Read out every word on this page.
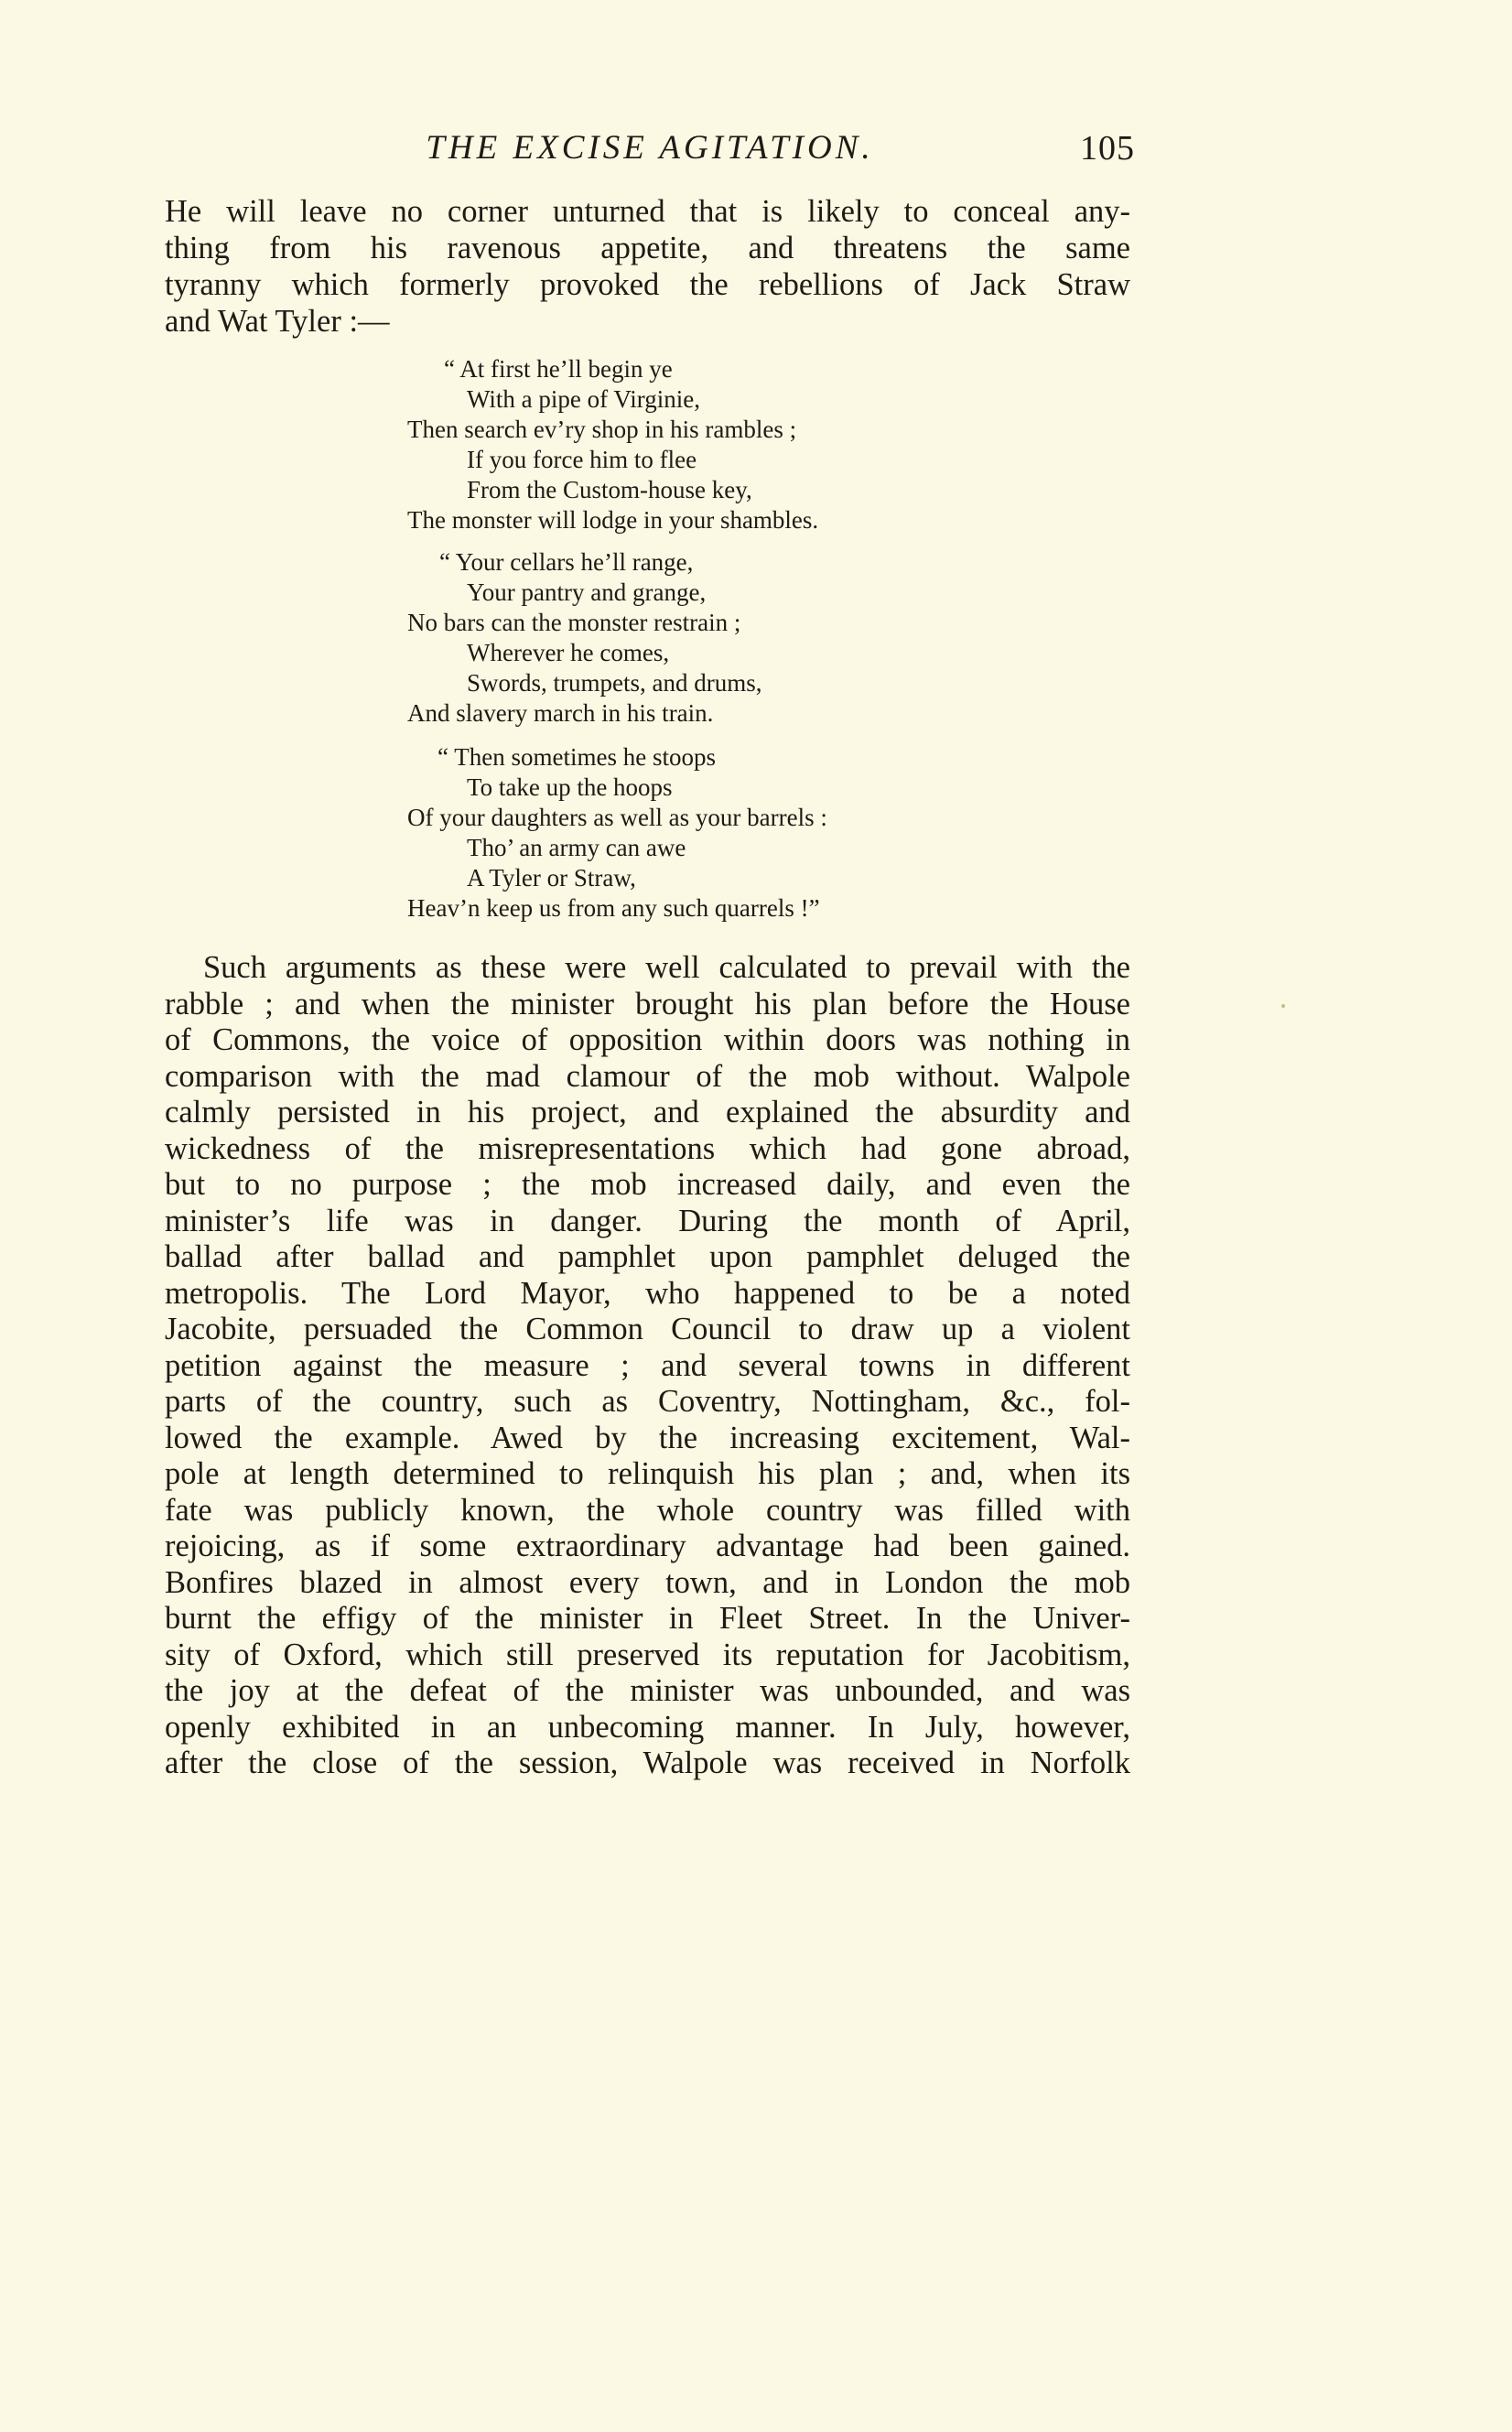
THE EXCISE AGITATION.	105
He will leave no corner unturned that is likely to conceal any-
thing from his ravenous appetite, and threatens the same
tyranny which formerly provoked the rebellions of Jack Straw
and Wat Tyler :—
“ At first he’ll begin ye
With a pipe of Virginie,
Then search ev’ry shop in his rambles ;
If you force him to flee
From the Custom-house key,
The monster will lodge in your shambles.
“ Your cellars he’ll range,
Your pantry and grange,
No bars can the monster restrain ;
Wherever he comes,
Swords, trumpets, and drums,
And slavery march in his train.
“ Then sometimes he stoops
To take up the hoops
Of your daughters as well as your barrels :
Tho’ an army can awe
A Tyler or Straw,
Heav’n keep us from any such quarrels !”
Such arguments as these were well calculated to prevail with the
rabble ; and when the minister brought his plan before the House
of Commons, the voice of opposition within doors was nothing in
comparison with the mad clamour of the mob without. Walpole
calmly persisted in his project, and explained the absurdity and
wickedness of the misrepresentations which had gone abroad,
but to no purpose ; the mob increased daily, and even the
minister’s life was in danger. During the month of April,
ballad after ballad and pamphlet upon pamphlet deluged the
metropolis. The Lord Mayor, who happened to be a noted
Jacobite, persuaded the Common Council to draw up a violent
petition against the measure ; and several towns in different
parts of the country, such as Coventry, Nottingham, &c., fol-
lowed the example. Awed by the increasing excitement, Wal-
pole at length determined to relinquish his plan ; and, when its
fate was publicly known, the whole country was filled with
rejoicing, as if some extraordinary advantage had been gained.
Bonfires blazed in almost every town, and in London the mob
burnt the effigy of the minister in Fleet Street. In the Univer-
sity of Oxford, which still preserved its reputation for Jacobitism,
the joy at the defeat of the minister was unbounded, and was
openly exhibited in an unbecoming manner. In July, however,
after the close of the session, Walpole was received in Norfolk
